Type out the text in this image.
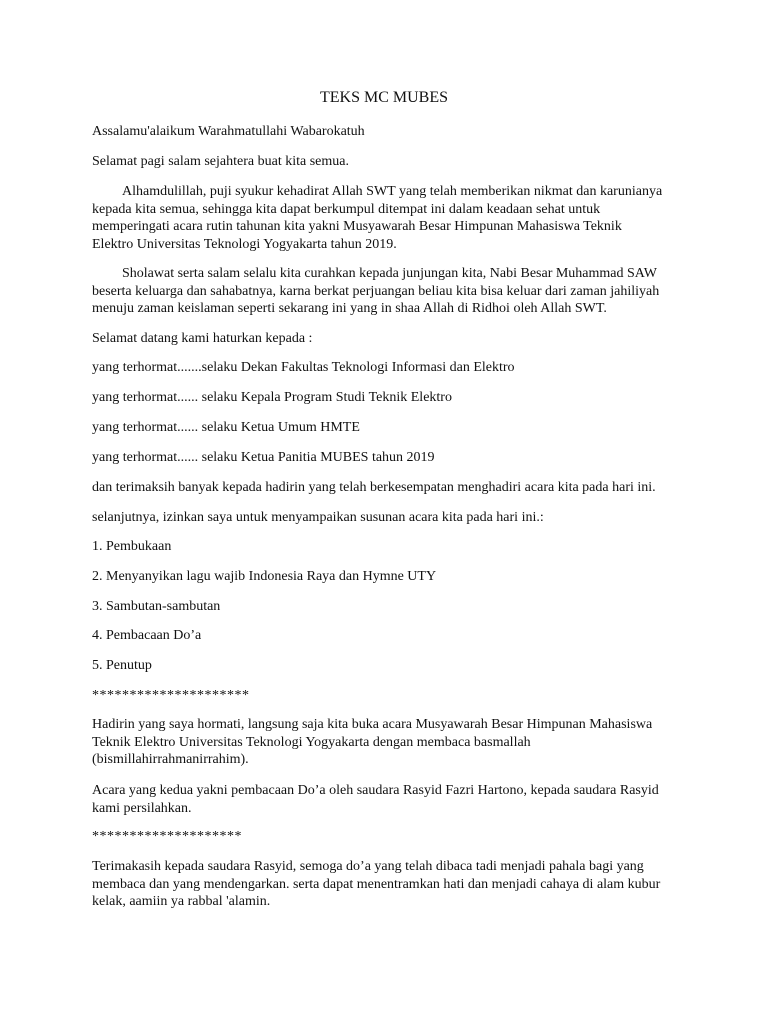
TEKS MC MUBES

Assalamu'alaikum Warahmatullahi Wabarokatuh

Selamat pagi salam sejahtera buat kita semua.

Alhamdulillah, puji syukur kehadirat Allah SWT yang telah memberikan nikmat dan karunianya
kepada kita semua, sehingga kita dapat berkumpul ditempat ini dalam keadaan sehat untuk
memperingati acara rutin tahunan kita yakni Musyawarah Besar Himpunan Mahasiswa Teknik
Elektro Universitas Teknologi Yogyakarta tahun 2019.
Sholawat serta salam selalu kita curahkan kepada junjungan kita, Nabi Besar Muhammad SAW
beserta keluarga dan sahabatnya, karna berkat perjuangan beliau kita bisa keluar dari zaman jahiliyah
menuju zaman keislaman seperti sekarang ini yang in shaa Allah di Ridhoi oleh Allah SWT.

Selamat datang kami haturkan kepada :

yang terhormat.......selaku Dekan Fakultas Teknologi Informasi dan Elektro

yang terhormat...... selaku Kepala Program Studi Teknik Elektro

yang terhormat...... selaku Ketua Umum HMTE

yang terhormat...... selaku Ketua Panitia MUBES tahun 2019

dan terimaksih banyak kepada hadirin yang telah berkesempatan menghadiri acara kita pada hari ini.

selanjutnya, izinkan saya untuk menyampaikan susunan acara kita pada hari ini.:

1. Pembukaan

2. Menyanyikan lagu wajib Indonesia Raya dan Hymne UTY

3. Sambutan-sambutan

4. Pembacaan Do’a

5. Penutup

*********************

Hadirin yang saya hormati, langsung saja kita buka acara Musyawarah Besar Himpunan Mahasiswa
Teknik Elektro Universitas Teknologi Yogyakarta dengan membaca basmallah
(bismillahirrahmanirrahim).
Acara yang kedua yakni pembacaan Do’a oleh saudara Rasyid Fazri Hartono, kepada saudara Rasyid
kami persilahkan.

********************

Terimakasih kepada saudara Rasyid, semoga do’a yang telah dibaca tadi menjadi pahala bagi yang
membaca dan yang mendengarkan. serta dapat menentramkan hati dan menjadi cahaya di alam kubur
kelak, aamiin ya rabbal 'alamin.
